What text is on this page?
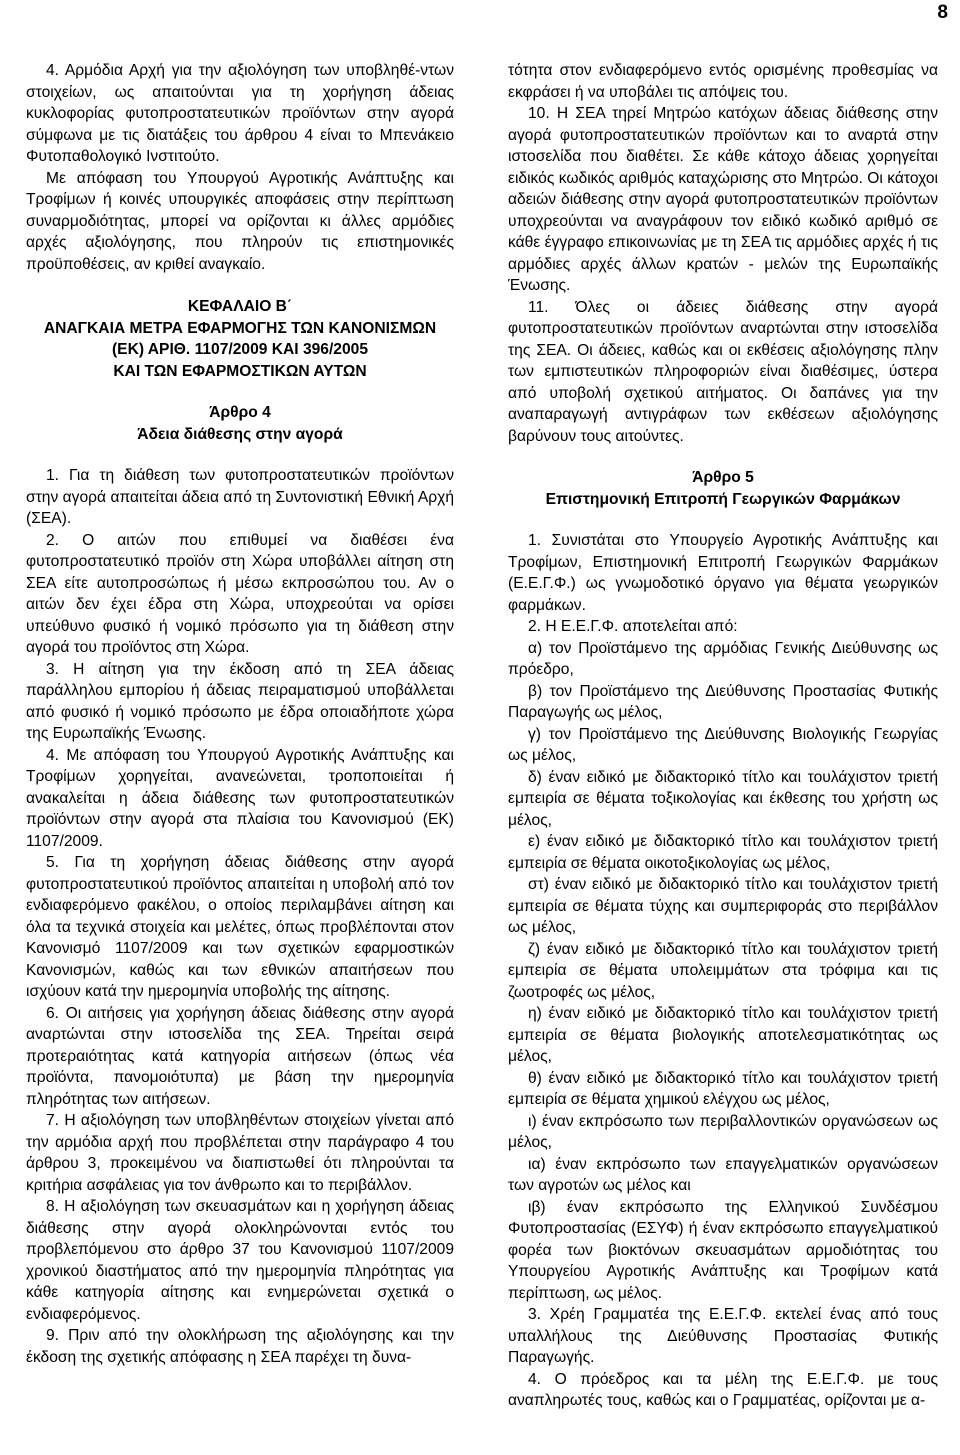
8

4. Αρμόδια Αρχή για την αξιολόγηση των υποβληθέ-ντων στοιχείων, ως απαιτούνται για τη χορήγηση άδειας κυκλοφορίας φυτοπροστατευτικών προϊόντων στην αγορά σύμφωνα με τις διατάξεις του άρθρου 4 είναι το Μπενάκειο Φυτοπαθολογικό Ινστιτούτο.

Με απόφαση του Υπουργού Αγροτικής Ανάπτυξης και Τροφίμων ή κοινές υπουργικές αποφάσεις στην περίπτωση συναρμοδιότητας, μπορεί να ορίζονται κι άλλες αρμόδιες αρχές αξιολόγησης, που πληρούν τις επιστημονικές προϋποθέσεις, αν κριθεί αναγκαίο.

ΚΕΦΑΛΑΙΟ Β΄
ΑΝΑΓΚΑΙΑ ΜΕΤΡΑ ΕΦΑΡΜΟΓΗΣ ΤΩΝ ΚΑΝΟΝΙΣΜΩΝ
(ΕΚ) ΑΡΙΘ. 1107/2009 ΚΑΙ 396/2005
ΚΑΙ ΤΩΝ ΕΦΑΡΜΟΣΤΙΚΩΝ ΑΥΤΩΝ
Άρθρο 4
Άδεια διάθεσης στην αγορά

1. Για τη διάθεση των φυτοπροστατευτικών προϊόντων στην αγορά απαιτείται άδεια από τη Συντονιστική Εθνική Αρχή (ΣΕΑ).

2. Ο αιτών που επιθυμεί να διαθέσει ένα φυτοπροστατευτικό προϊόν στη Χώρα υποβάλλει αίτηση στη ΣΕΑ είτε αυτοπροσώπως ή μέσω εκπροσώπου του. Αν ο αιτών δεν έχει έδρα στη Χώρα, υποχρεούται να ορίσει υπεύθυνο φυσικό ή νομικό πρόσωπο για τη διάθεση στην αγορά του προϊόντος στη Χώρα.

3. Η αίτηση για την έκδοση από τη ΣΕΑ άδειας παράλληλου εμπορίου ή άδειας πειραματισμού υποβάλλεται από φυσικό ή νομικό πρόσωπο με έδρα οποιαδήποτε χώρα της Ευρωπαϊκής Ένωσης.

4. Με απόφαση του Υπουργού Αγροτικής Ανάπτυξης και Τροφίμων χορηγείται, ανανεώνεται, τροποποιείται ή ανακαλείται η άδεια διάθεσης των φυτοπροστατευτικών προϊόντων στην αγορά στα πλαίσια του Κανονισμού (ΕΚ) 1107/2009.

5. Για τη χορήγηση άδειας διάθεσης στην αγορά φυτοπροστατευτικού προϊόντος απαιτείται η υποβολή από τον ενδιαφερόμενο φακέλου, ο οποίος περιλαμβάνει αίτηση και όλα τα τεχνικά στοιχεία και μελέτες, όπως προβλέπονται στον Κανονισμό 1107/2009 και των σχετικών εφαρμοστικών Κανονισμών, καθώς και των εθνικών απαιτήσεων που ισχύουν κατά την ημερομηνία υποβολής της αίτησης.

6. Οι αιτήσεις για χορήγηση άδειας διάθεσης στην αγορά αναρτώνται στην ιστοσελίδα της ΣΕΑ. Τηρείται σειρά προτεραιότητας κατά κατηγορία αιτήσεων (όπως νέα προϊόντα, πανομοιότυπα) με βάση την ημερομηνία πληρότητας των αιτήσεων.

7. Η αξιολόγηση των υποβληθέντων στοιχείων γίνεται από την αρμόδια αρχή που προβλέπεται στην παράγραφο 4 του άρθρου 3, προκειμένου να διαπιστωθεί ότι πληρούνται τα κριτήρια ασφάλειας για τον άνθρωπο και το περιβάλλον.

8. Η αξιολόγηση των σκευασμάτων και η χορήγηση άδειας διάθεσης στην αγορά ολοκληρώνονται εντός του προβλεπόμενου στο άρθρο 37 του Κανονισμού 1107/2009 χρονικού διαστήματος από την ημερομηνία πληρότητας για κάθε κατηγορία αίτησης και ενημερώνεται σχετικά ο ενδιαφερόμενος.

9. Πριν από την ολοκλήρωση της αξιολόγησης και την έκδοση της σχετικής απόφασης η ΣΕΑ παρέχει τη δυνα-

τότητα στον ενδιαφερόμενο εντός ορισμένης προθεσμίας να εκφράσει ή να υποβάλει τις απόψεις του.

10. Η ΣΕΑ τηρεί Μητρώο κατόχων άδειας διάθεσης στην αγορά φυτοπροστατευτικών προϊόντων και το αναρτά στην ιστοσελίδα που διαθέτει. Σε κάθε κάτοχο άδειας χορηγείται ειδικός κωδικός αριθμός καταχώρισης στο Μητρώο. Οι κάτοχοι αδειών διάθεσης στην αγορά φυτοπροστατευτικών προϊόντων υποχρεούνται να αναγράφουν τον ειδικό κωδικό αριθμό σε κάθε έγγραφο επικοινωνίας με τη ΣΕΑ τις αρμόδιες αρχές ή τις αρμόδιες αρχές άλλων κρατών - μελών της Ευρωπαϊκής Ένωσης.

11. Όλες οι άδειες διάθεσης στην αγορά φυτοπροστατευτικών προϊόντων αναρτώνται στην ιστοσελίδα της ΣΕΑ. Οι άδειες, καθώς και οι εκθέσεις αξιολόγησης πλην των εμπιστευτικών πληροφοριών είναι διαθέσιμες, ύστερα από υποβολή σχετικού αιτήματος. Οι δαπάνες για την αναπαραγωγή αντιγράφων των εκθέσεων αξιολόγησης βαρύνουν τους αιτούντες.

Άρθρο 5
Επιστημονική Επιτροπή Γεωργικών Φαρμάκων

1. Συνιστάται στο Υπουργείο Αγροτικής Ανάπτυξης και Τροφίμων, Επιστημονική Επιτροπή Γεωργικών Φαρμάκων (Ε.Ε.Γ.Φ.) ως γνωμοδοτικό όργανο για θέματα γεωργικών φαρμάκων.

2. Η Ε.Ε.Γ.Φ. αποτελείται από:

α) τον Προϊστάμενο της αρμόδιας Γενικής Διεύθυνσης ως πρόεδρο,

β) τον Προϊστάμενο της Διεύθυνσης Προστασίας Φυτικής Παραγωγής ως μέλος,

γ) τον Προϊστάμενο της Διεύθυνσης Βιολογικής Γεωργίας ως μέλος,

δ) έναν ειδικό με διδακτορικό τίτλο και τουλάχιστον τριετή εμπειρία σε θέματα τοξικολογίας και έκθεσης του χρήστη ως μέλος,

ε) έναν ειδικό με διδακτορικό τίτλο και τουλάχιστον τριετή εμπειρία σε θέματα οικοτοξικολογίας ως μέλος,

στ) έναν ειδικό με διδακτορικό τίτλο και τουλάχιστον τριετή εμπειρία σε θέματα τύχης και συμπεριφοράς στο περιβάλλον ως μέλος,

ζ) έναν ειδικό με διδακτορικό τίτλο και τουλάχιστον τριετή εμπειρία σε θέματα υπολειμμάτων στα τρόφιμα και τις ζωοτροφές ως μέλος,

η) έναν ειδικό με διδακτορικό τίτλο και τουλάχιστον τριετή εμπειρία σε θέματα βιολογικής αποτελεσματικότητας ως μέλος,

θ) έναν ειδικό με διδακτορικό τίτλο και τουλάχιστον τριετή εμπειρία σε θέματα χημικού ελέγχου ως μέλος,

ι) έναν εκπρόσωπο των περιβαλλοντικών οργανώσεων ως μέλος,

ια) έναν εκπρόσωπο των επαγγελματικών οργανώσεων των αγροτών ως μέλος και

ιβ) έναν εκπρόσωπο της Ελληνικού Συνδέσμου Φυτοπροστασίας (ΕΣΥΦ) ή έναν εκπρόσωπο επαγγελματικού φορέα των βιοκτόνων σκευασμάτων αρμοδιότητας του Υπουργείου Αγροτικής Ανάπτυξης και Τροφίμων κατά περίπτωση, ως μέλος.

3. Χρέη Γραμματέα της Ε.Ε.Γ.Φ. εκτελεί ένας από τους υπαλλήλους της Διεύθυνσης Προστασίας Φυτικής Παραγωγής.

4. Ο πρόεδρος και τα μέλη της Ε.Ε.Γ.Φ. με τους αναπληρωτές τους, καθώς και ο Γραμματέας, ορίζονται με α-
